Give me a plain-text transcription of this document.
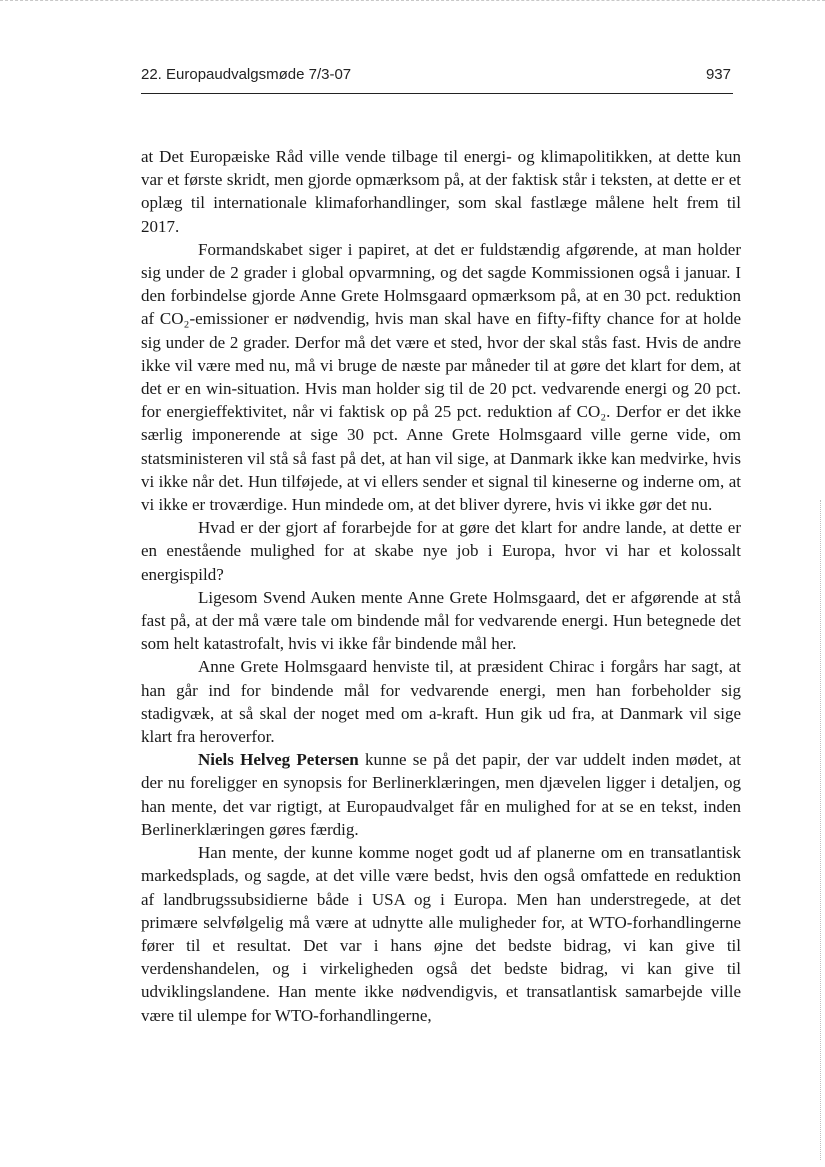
22. Europaudvalgsmøde 7/3-07	937

at Det Europæiske Råd ville vende tilbage til energi- og klimapolitikken, at dette kun var et første skridt, men gjorde opmærksom på, at der faktisk står i teksten, at dette er et oplæg til internationale klimaforhandlinger, som skal fastlæge målene helt frem til 2017.

Formandskabet siger i papiret, at det er fuldstændig afgørende, at man holder sig under de 2 grader i global opvarmning, og det sagde Kommissionen også i januar. I den forbindelse gjorde Anne Grete Holmsgaard opmærksom på, at en 30 pct. reduktion af CO₂-emissioner er nødvendig, hvis man skal have en fifty-fifty chance for at holde sig under de 2 grader. Derfor må det være et sted, hvor der skal stås fast. Hvis de andre ikke vil være med nu, må vi bruge de næste par måneder til at gøre det klart for dem, at det er en win-situation. Hvis man holder sig til de 20 pct. vedvarende energi og 20 pct. for energieffektivitet, når vi faktisk op på 25 pct. reduktion af CO₂. Derfor er det ikke særlig imponerende at sige 30 pct. Anne Grete Holmsgaard ville gerne vide, om statsministeren vil stå så fast på det, at han vil sige, at Danmark ikke kan medvirke, hvis vi ikke når det. Hun tilføjede, at vi ellers sender et signal til kineserne og inderne om, at vi ikke er troværdige. Hun mindede om, at det bliver dyrere, hvis vi ikke gør det nu.

Hvad er der gjort af forarbejde for at gøre det klart for andre lande, at dette er en enestående mulighed for at skabe nye job i Europa, hvor vi har et kolossalt energispild?

Ligesom Svend Auken mente Anne Grete Holmsgaard, det er afgørende at stå fast på, at der må være tale om bindende mål for vedvarende energi. Hun betegnede det som helt katastrofalt, hvis vi ikke får bindende mål her.

Anne Grete Holmsgaard henviste til, at præsident Chirac i forgårs har sagt, at han går ind for bindende mål for vedvarende energi, men han forbeholder sig stadigvæk, at så skal der noget med om a-kraft. Hun gik ud fra, at Danmark vil sige klart fra heroverfor.

Niels Helveg Petersen kunne se på det papir, der var uddelt inden mødet, at der nu foreligger en synopsis for Berlinerklæringen, men djævelen ligger i detaljen, og han mente, det var rigtigt, at Europaudvalget får en mulighed for at se en tekst, inden Berlinerklæringen gøres færdig.

Han mente, der kunne komme noget godt ud af planerne om en transatlantisk markedsplads, og sagde, at det ville være bedst, hvis den også omfattede en reduktion af landbrugssubsidierne både i USA og i Europa. Men han understregede, at det primære selvfølgelig må være at udnytte alle muligheder for, at WTO-forhandlingerne fører til et resultat. Det var i hans øjne det bedste bidrag, vi kan give til verdenshandelen, og i virkeligheden også det bedste bidrag, vi kan give til udviklingslandene. Han mente ikke nødvendigvis, et transatlantisk samarbejde ville være til ulempe for WTO-forhandlingerne,
